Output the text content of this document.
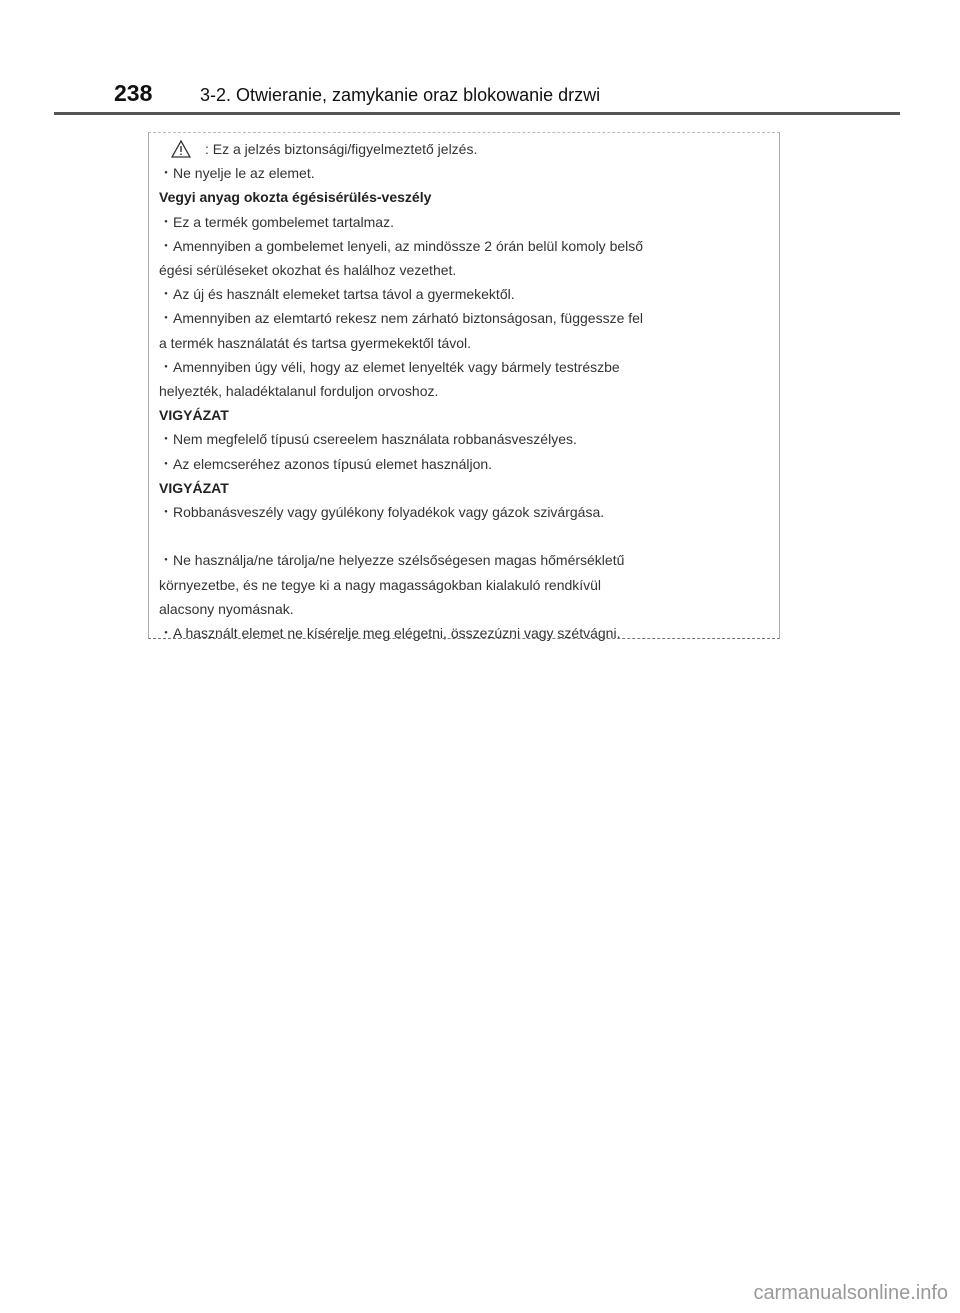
238	3-2. Otwieranie, zamykanie oraz blokowanie drzwi
: Ez a jelzés biztonsági/figyelmeztető jelzés.
・Ne nyelje le az elemet.
Vegyi anyag okozta égésisérülés-veszély
・Ez a termék gombelemet tartalmaz.
・Amennyiben a gombelemet lenyeli, az mindössze 2 órán belül komoly belső
égési sérüléseket okozhat és halálhoz vezethet.
・Az új és használt elemeket tartsa távol a gyermekektől.
・Amennyiben az elemtartó rekesz nem zárható biztonságosan, függessze fel
a termék használatát és tartsa gyermekektől távol.
・Amennyiben úgy véli, hogy az elemet lenyelték vagy bármely testrészbe
helyezték, haladéktalanul forduljon orvoshoz.
VIGYÁZAT
・Nem megfelelő típusú csereelem használata robbanásveszélyes.
・Az elemcseréhez azonos típusú elemet használjon.
VIGYÁZAT
・Robbanásveszély vagy gyúlékony folyadékok vagy gázok szivárgása.
・Ne használja/ne tárolja/ne helyezze szélsőségesen magas hőmérsékletű
környezetbe, és ne tegye ki a nagy magasságokban kialakuló rendkívül
alacsony nyomásnak.
・A használt elemet ne kísérelje meg elégetni, összezúzni vagy szétvágni.
carmanualsonline.info
